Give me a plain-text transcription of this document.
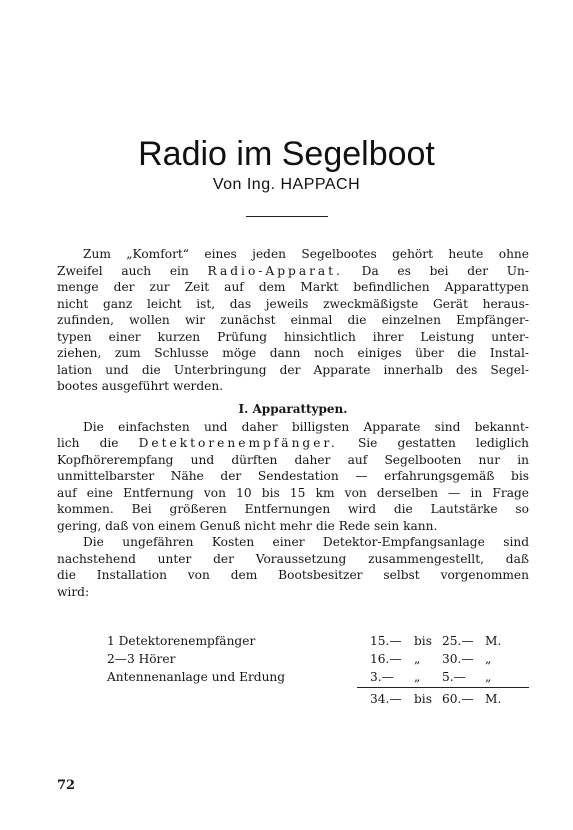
Radio im Segelboot
Von Ing. HAPPACH
Zum „Komfort“ eines jeden Segelbootes gehört heute ohne
Zweifel auch ein Radio-Apparat. Da es bei der Un-
menge der zur Zeit auf dem Markt befindlichen Apparattypen
nicht ganz leicht ist, das jeweils zweckmäßigste Gerät heraus-
zufinden, wollen wir zunächst einmal die einzelnen Empfänger-
typen einer kurzen Prüfung hinsichtlich ihrer Leistung unter-
ziehen, zum Schlusse möge dann noch einiges über die Instal-
lation und die Unterbringung der Apparate innerhalb des Segel-
bootes ausgeführt werden.
I. Apparattypen.
Die einfachsten und daher billigsten Apparate sind bekannt-
lich die Detektorenempfänger. Sie gestatten lediglich
Kopfhörerempfang und dürften daher auf Segelbooten nur in
unmittelbarster Nähe der Sendestation — erfahrungsgemäß bis
auf eine Entfernung von 10 bis 15 km von derselben — in Frage
kommen. Bei größeren Entfernungen wird die Lautstärke so
gering, daß von einem Genuß nicht mehr die Rede sein kann.
Die ungefähren Kosten einer Detektor-Empfangsanlage sind
nachstehend unter der Voraussetzung zusammengestellt, daß
die Installation von dem Bootsbesitzer selbst vorgenommen
wird:
1 Detektorenempfänger	15.— bis 25.— M.
2—3 Hörer	16.— „ 30.— „
Antennenanlage und Erdung	3.— „ 5.— „
34.— bis 60.— M.
72
